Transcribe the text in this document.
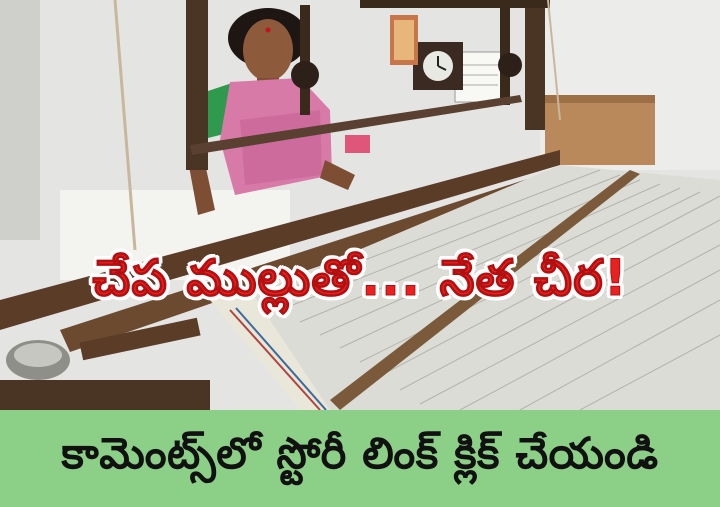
చేప ముల్లుతో... నేత చీర!
కామెంట్స్‌లో స్టోరీ లింక్ క్లిక్ చేయండి
